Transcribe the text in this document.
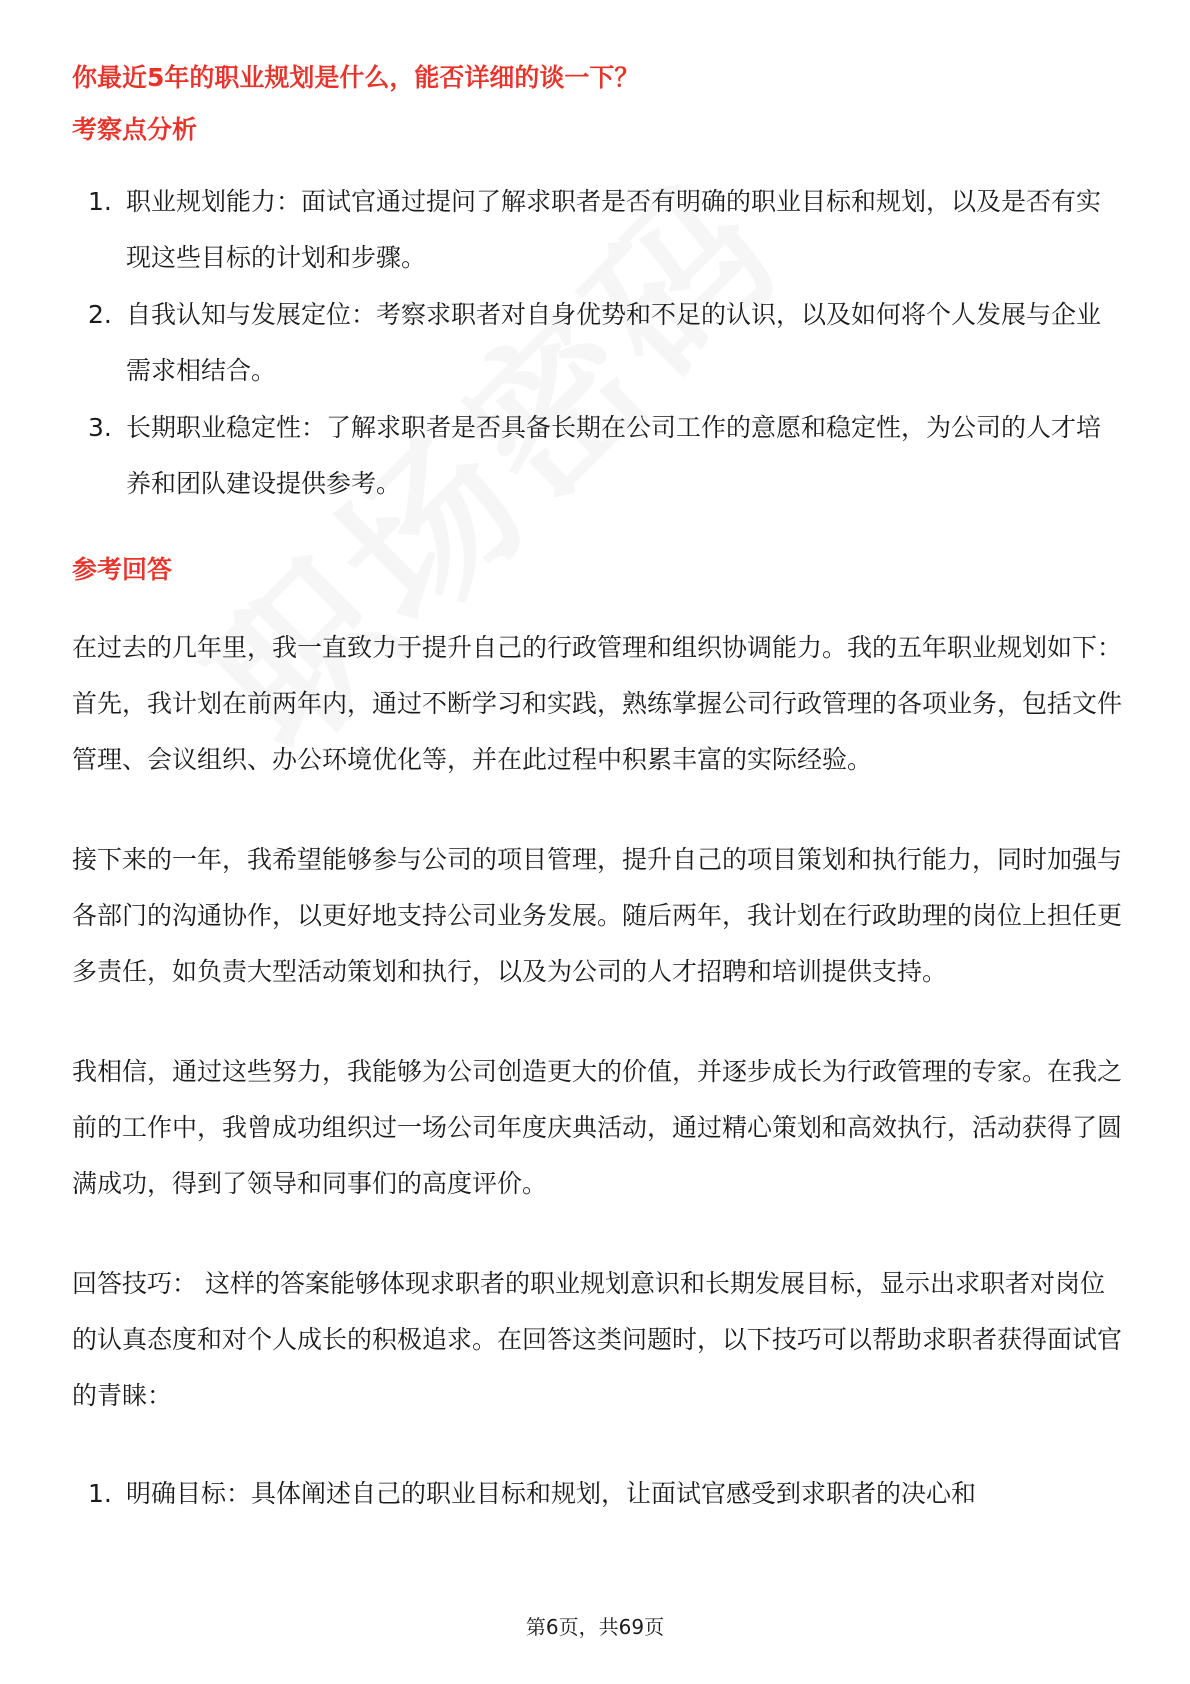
你最近5年的职业规划是什么，能否详细的谈一下？

考察点分析

1. 职业规划能力：面试官通过提问了解求职者是否有明确的职业目标和规划，以及是否有实现这些目标的计划和步骤。
2. 自我认知与发展定位：考察求职者对自身优势和不足的认识，以及如何将个人发展与企业需求相结合。
3. 长期职业稳定性：了解求职者是否具备长期在公司工作的意愿和稳定性，为公司的人才培养和团队建设提供参考。

参考回答

在过去的几年里，我一直致力于提升自己的行政管理和组织协调能力。我的五年职业规划如下：首先，我计划在前两年内，通过不断学习和实践，熟练掌握公司行政管理的各项业务，包括文件管理、会议组织、办公环境优化等，并在此过程中积累丰富的实际经验。

接下来的一年，我希望能够参与公司的项目管理，提升自己的项目策划和执行能力，同时加强与各部门的沟通协作，以更好地支持公司业务发展。随后两年，我计划在行政助理的岗位上担任更多责任，如负责大型活动策划和执行，以及为公司的人才招聘和培训提供支持。

我相信，通过这些努力，我能够为公司创造更大的价值，并逐步成长为行政管理的专家。在我之前的工作中，我曾成功组织过一场公司年度庆典活动，通过精心策划和高效执行，活动获得了圆满成功，得到了领导和同事们的高度评价。

回答技巧： 这样的答案能够体现求职者的职业规划意识和长期发展目标，显示出求职者对岗位的认真态度和对个人成长的积极追求。在回答这类问题时，以下技巧可以帮助求职者获得面试官的青睐：

1. 明确目标：具体阐述自己的职业目标和规划，让面试官感受到求职者的决心和
第6页，共69页
